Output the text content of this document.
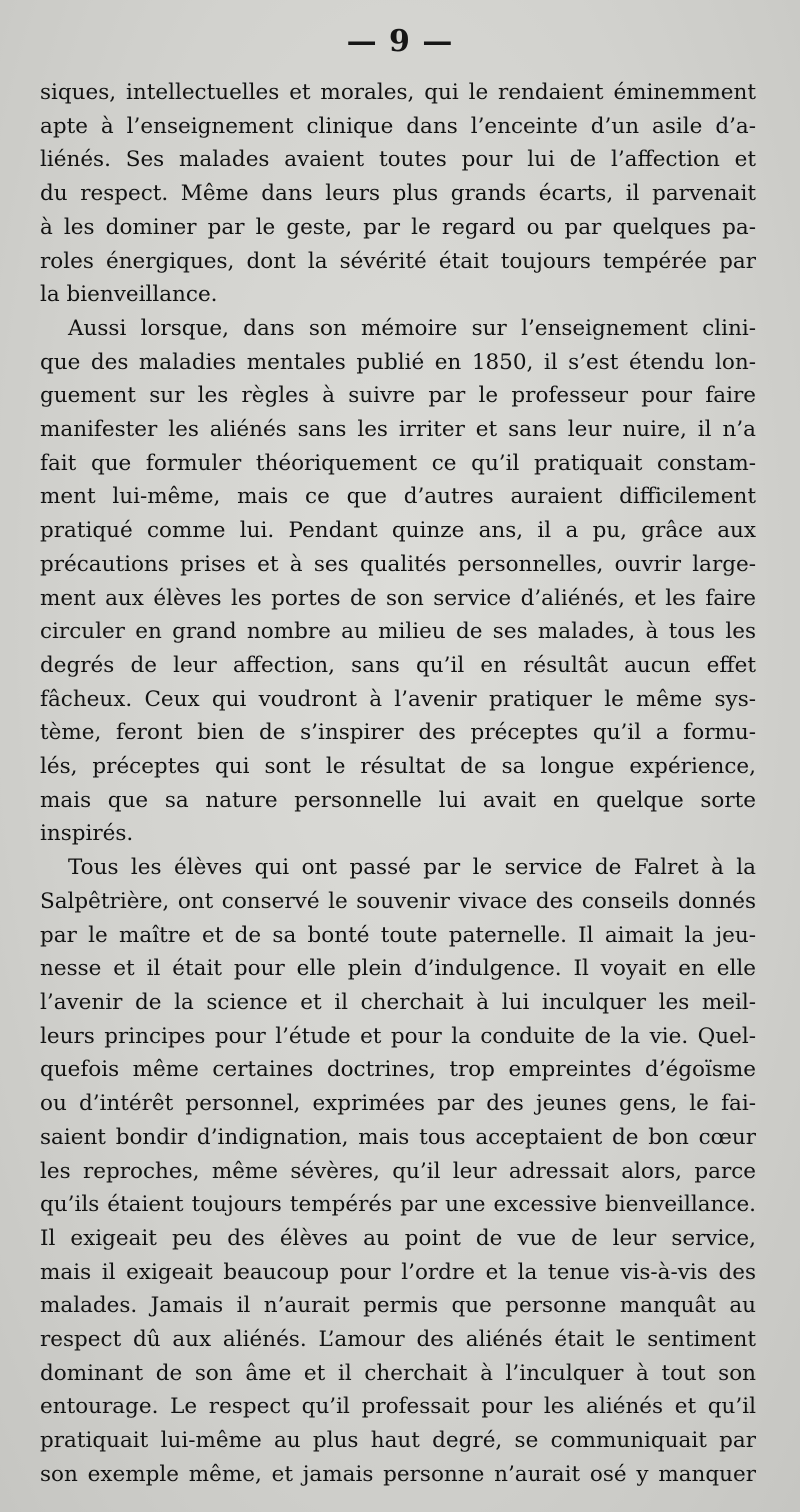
— 9 —
siques, intellectuelles et morales, qui le rendaient éminemment
apte à l’enseignement clinique dans l’enceinte d’un asile d’a-
liénés. Ses malades avaient toutes pour lui de l’affection et
du respect. Même dans leurs plus grands écarts, il parvenait
à les dominer par le geste, par le regard ou par quelques pa-
roles énergiques, dont la sévérité était toujours tempérée par
la bienveillance.
Aussi lorsque, dans son mémoire sur l’enseignement clini-
que des maladies mentales publié en 1850, il s’est étendu lon-
guement sur les règles à suivre par le professeur pour faire
manifester les aliénés sans les irriter et sans leur nuire, il n’a
fait que formuler théoriquement ce qu’il pratiquait constam-
ment lui-même, mais ce que d’autres auraient difficilement
pratiqué comme lui. Pendant quinze ans, il a pu, grâce aux
précautions prises et à ses qualités personnelles, ouvrir large-
ment aux élèves les portes de son service d’aliénés, et les faire
circuler en grand nombre au milieu de ses malades, à tous les
degrés de leur affection, sans qu’il en résultât aucun effet
fâcheux. Ceux qui voudront à l’avenir pratiquer le même sys-
tème, feront bien de s’inspirer des préceptes qu’il a formu-
lés, préceptes qui sont le résultat de sa longue expérience,
mais que sa nature personnelle lui avait en quelque sorte
inspirés.
Tous les élèves qui ont passé par le service de Falret à la
Salpêtrière, ont conservé le souvenir vivace des conseils donnés
par le maître et de sa bonté toute paternelle. Il aimait la jeu-
nesse et il était pour elle plein d’indulgence. Il voyait en elle
l’avenir de la science et il cherchait à lui inculquer les meil-
leurs principes pour l’étude et pour la conduite de la vie. Quel-
quefois même certaines doctrines, trop empreintes d’égoïsme
ou d’intérêt personnel, exprimées par des jeunes gens, le fai-
saient bondir d’indignation, mais tous acceptaient de bon cœur
les reproches, même sévères, qu’il leur adressait alors, parce
qu’ils étaient toujours tempérés par une excessive bienveillance.
Il exigeait peu des élèves au point de vue de leur service,
mais il exigeait beaucoup pour l’ordre et la tenue vis-à-vis des
malades. Jamais il n’aurait permis que personne manquât au
respect dû aux aliénés. L’amour des aliénés était le sentiment
dominant de son âme et il cherchait à l’inculquer à tout son
entourage. Le respect qu’il professait pour les aliénés et qu’il
pratiquait lui-même au plus haut degré, se communiquait par
son exemple même, et jamais personne n’aurait osé y manquer
